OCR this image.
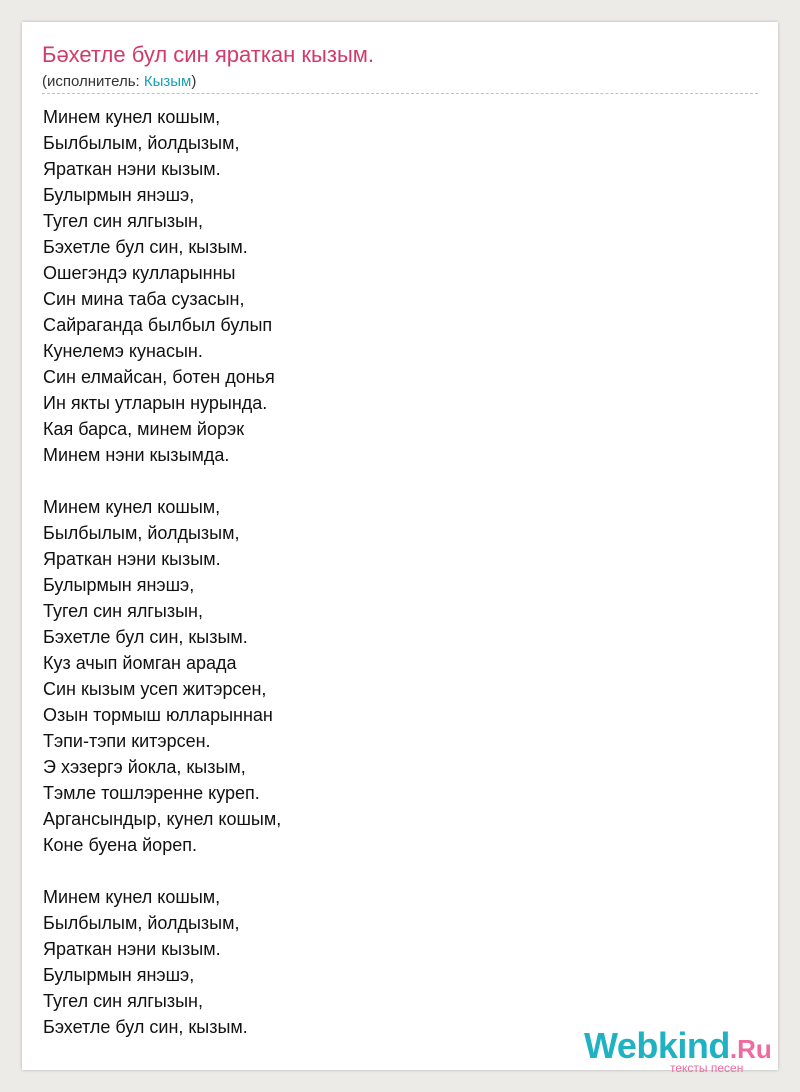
Бәхетле бул син яраткан кызым.
(исполнитель: Кызым)
Минем кунел кошым,
Былбылым, йолдызым,
Яраткан нэни кызым.
Булырмын янэшэ,
Тугел син ялгызын,
Бэхетле бул син, кызым.
Ошегэндэ кулларынны
Син мина таба сузасын,
Сайраганда былбыл булып
Кунелемэ кунасын.
Син елмайсан, ботен донья
Ин якты утларын нурында.
Кая барса, минем йорэк
Минем нэни кызымда.
Минем кунел кошым,
Былбылым, йолдызым,
Яраткан нэни кызым.
Булырмын янэшэ,
Тугел син ялгызын,
Бэхетле бул син, кызым.
Куз ачып йомган арада
Син кызым усеп житэрсен,
Озын тормыш юлларыннан
Тэпи-тэпи китэрсен.
Э хэзергэ йокла, кызым,
Тэмле тошлэренне куреп.
Аргансындыр, кунел кошым,
Коне буена йореп.
Минем кунел кошым,
Былбылым, йолдызым,
Яраткан нэни кызым.
Булырмын янэшэ,
Тугел син ялгызын,
Бэхетле бул син, кызым.	Webkind.Ru
тексты песен
